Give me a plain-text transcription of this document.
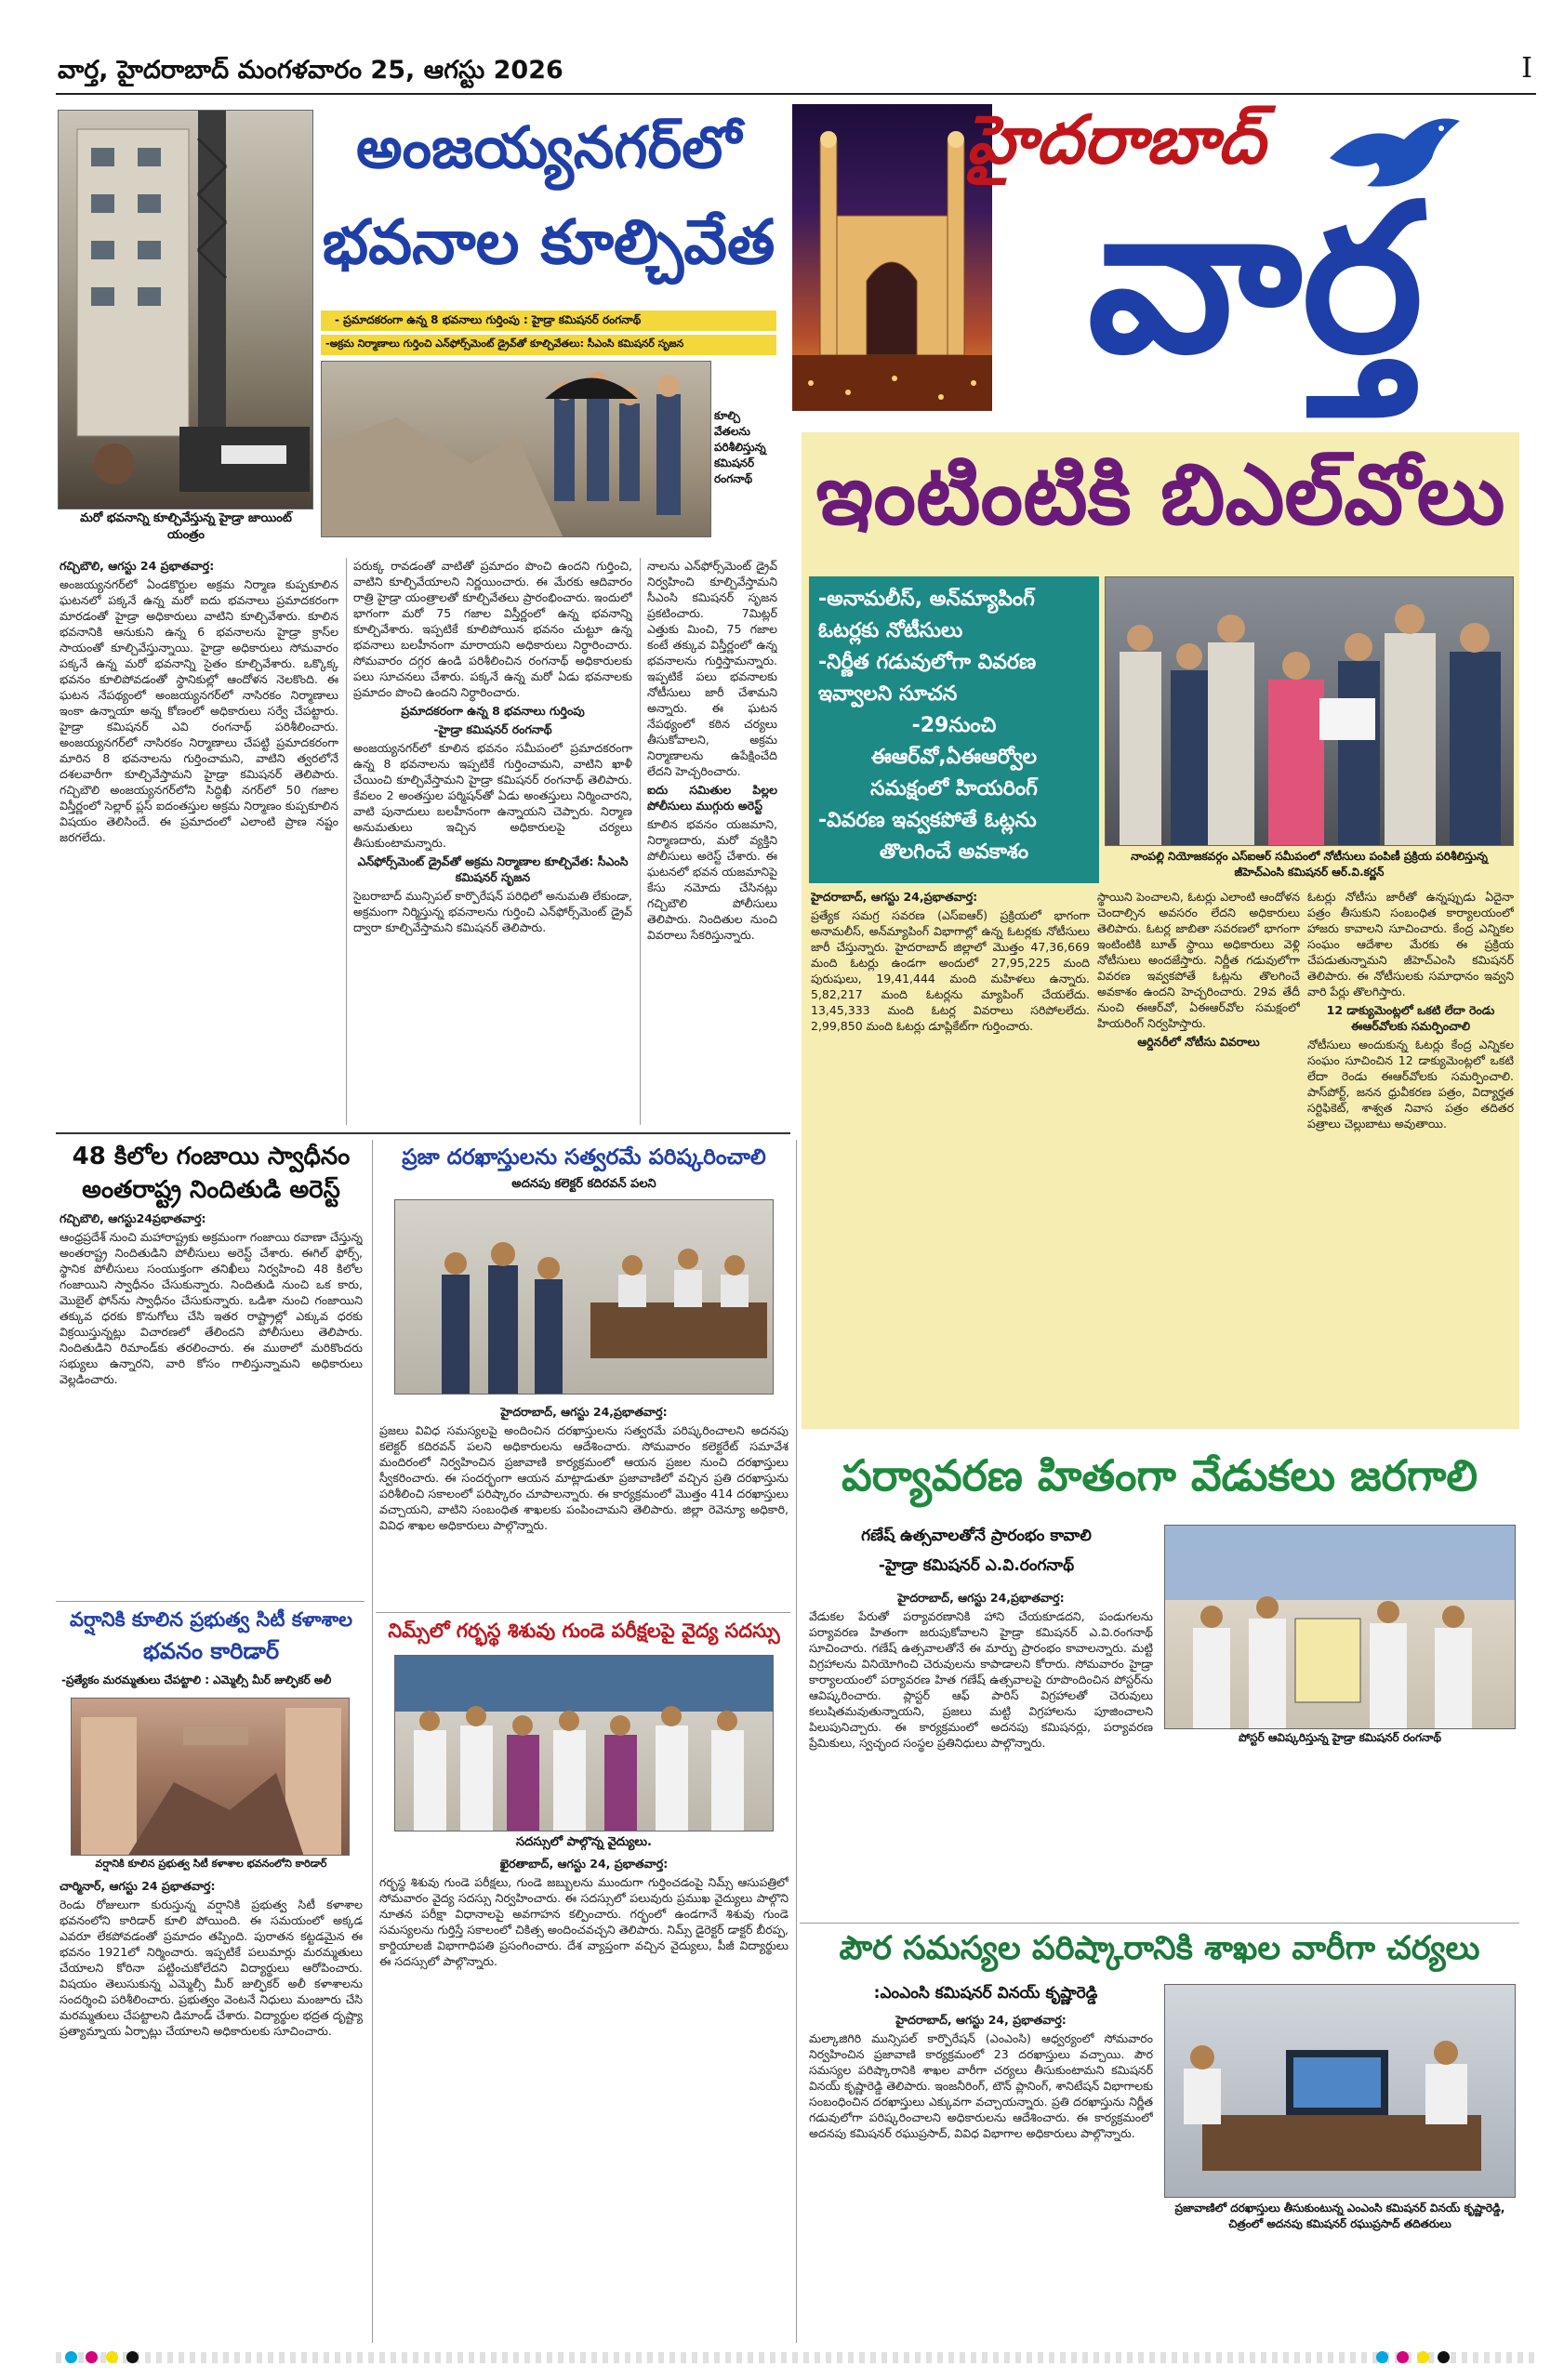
వార్త, హైదరాబాద్ మంగళవారం 25, ఆగస్టు 2026	I
మరో భవనాన్ని కూల్చివేస్తున్న హైడ్రా జాయింట్ యంత్రం
అంజయ్యనగర్‌లో
భవనాల కూల్చివేత
- ప్రమాదకరంగా ఉన్న 8 భవనాలు గుర్తింపు : హైడ్రా కమిషనర్ రంగనాథ్
-అక్రమ నిర్మాణాలు గుర్తించి ఎన్‌ఫోర్స్‌మెంట్ డ్రైవ్‌తో కూల్చివేతలు: సీఎంసి కమిషనర్ సృజన
కూల్చి వేతలను పరిశీలిస్తున్న కమిషనర్ రంగనాథ్

గచ్చిబౌలి, ఆగస్టు 24 ప్రభాతవార్త:

అంజయ్యనగర్‌లో ఏండకొర్టుల అక్రమ నిర్మాణ కుప్పకూలిన ఘటనలో పక్కనే ఉన్న మరో ఐదు భవనాలు ప్రమాదకరంగా మారడంతో హైడ్రా అధికారులు వాటిని కూల్చివేశారు. కూలిన భవనానికి ఆనుకుని ఉన్న 6 భవనాలను హైడ్రా క్రాస్‌ల సాయంతో కూల్చివేస్తున్నాయి. హైడ్రా అధికారులు సోమవారం పక్కనే ఉన్న మరో భవనాన్ని సైతం కూల్చివేశారు. ఒక్కొక్క భవనం కూలిపోవడంతో స్థానికుల్లో ఆందోళన నెలకొంది. ఈ ఘటన నేపథ్యంలో అంజయ్యనగర్‌లో నాసిరకం నిర్మాణాలు ఇంకా ఉన్నాయా అన్న కోణంలో అధికారులు సర్వే చేపట్టారు. హైడ్రా కమిషనర్ ఎవి రంగనాథ్ పరిశీలించారు. అంజయ్యనగర్‌లో నాసిరకం నిర్మాణాలు చేపట్టి ప్రమాదకరంగా మారిన 8 భవనాలను గుర్తించామని, వాటిని త్వరలోనే దశలవారీగా కూల్చివేస్తామని హైడ్రా కమిషనర్ తెలిపారు. గచ్చిబౌలి అంజయ్యనగర్‌లోని సిద్ధిఖీ నగర్‌లో 50 గజాల విస్తీర్ణంలో సెల్లార్ ప్లస్ ఐదంతస్తుల అక్రమ నిర్మాణం కుప్పకూలిన విషయం తెలిసిందే. ఈ ప్రమాదంలో ఎలాంటి ప్రాణ నష్టం జరగలేదు.

పరుక్క రావడంతో వాటితో ప్రమాదం పొంచి ఉందని గుర్తించి, వాటిని కూల్చివేయాలని నిర్ణయించారు. ఈ మేరకు ఆదివారం రాత్రి హైడ్రా యంత్రాలతో కూల్చివేతలు ప్రారంభించారు. ఇందులో భాగంగా మరో 75 గజాల విస్తీర్ణంలో ఉన్న భవనాన్ని కూల్చివేశారు. ఇప్పటికే కూలిపోయిన భవనం చుట్టూ ఉన్న భవనాలు బలహీనంగా మారాయని అధికారులు నిర్ధారించారు. సోమవారం దగ్గర ఉండి పరిశీలించిన రంగనాథ్ అధికారులకు పలు సూచనలు చేశారు. పక్కనే ఉన్న మరో ఏడు భవనాలకు ప్రమాదం పొంచి ఉందని నిర్ధారించారు.

ప్రమాదకరంగా ఉన్న 8 భవనాలు గుర్తింపు

-హైడ్రా కమిషనర్ రంగనాథ్

అంజయ్యనగర్‌లో కూలిన భవనం సమీపంలో ప్రమాదకరంగా ఉన్న 8 భవనాలను ఇప్పటికే గుర్తించామని, వాటిని ఖాళీ చేయించి కూల్చివేస్తామని హైడ్రా కమిషనర్ రంగనాథ్ తెలిపారు. కేవలం 2 అంతస్తుల పర్మిషన్‌తో ఏడు అంతస్తులు నిర్మించారని, వాటి పునాదులు బలహీనంగా ఉన్నాయని చెప్పారు. నిర్మాణ అనుమతులు ఇచ్చిన అధికారులపై చర్యలు తీసుకుంటామన్నారు.

ఎన్‌ఫోర్స్‌మెంట్ డ్రైవ్‌తో అక్రమ నిర్మాణాల కూల్చివేత: సీఎంసి కమిషనర్ సృజన

సైబరాబాద్ మున్సిపల్ కార్పొరేషన్ పరిధిలో అనుమతి లేకుండా, అక్రమంగా నిర్మిస్తున్న భవనాలను గుర్తించి ఎన్‌ఫోర్స్‌మెంట్ డ్రైవ్ ద్వారా కూల్చివేస్తామని కమిషనర్ తెలిపారు.

నాలను ఎన్‌ఫోర్స్‌మెంట్ డ్రైవ్ నిర్వహించి కూల్చివేస్తామని సీఎంసి కమిషనర్ సృజన ప్రకటించారు. 7మిట్లర్ ఎత్తుకు మించి, 75 గజాల కంటే తక్కువ విస్తీర్ణంలో ఉన్న భవనాలను గుర్తిస్తామన్నారు. ఇప్పటికే పలు భవనాలకు నోటీసులు జారీ చేశామని అన్నారు. ఈ ఘటన నేపథ్యంలో కఠిన చర్యలు తీసుకోవాలని, అక్రమ నిర్మాణాలను ఉపేక్షించేది లేదని హెచ్చరించారు.

ఐదు సమితుల పిల్లల పోలీసులు ముగ్గురు అరెస్ట్

కూలిన భవనం యజమాని, నిర్మాణదారు, మరో వ్యక్తిని పోలీసులు అరెస్ట్ చేశారు. ఈ ఘటనలో భవన యజమానిపై కేసు నమోదు చేసినట్లు గచ్చిబౌలి పోలీసులు తెలిపారు. నిందితుల నుంచి వివరాలు సేకరిస్తున్నారు.

హైదరాబాద్
వార్త
ఇంటింటికి బిఎల్‌వోలు
-అనామలీస్, అన్‌మ్యాపింగ్
ఓటర్లకు నోటీసులు
-నిర్ణీత గడువులోగా వివరణ
ఇవ్వాలని సూచన
-29నుంచి
ఈఆర్‌వో,ఏఈఆర్వోల
సమక్షంలో హియరింగ్
-వివరణ ఇవ్వకపోతే ఓట్లను
తొలగించే అవకాశం	నాంపల్లి నియోజకవర్గం ఎస్ఐఆర్ సమీపంలో నోటీసులు పంపిణీ ప్రక్రియ పరిశీలిస్తున్న జీహెచ్‌ఎంసి కమిషనర్ ఆర్.వి.కర్ణన్

హైదరాబాద్, ఆగస్టు 24,ప్రభాతవార్త:

ప్రత్యేక సమగ్ర సవరణ (ఎస్‌ఐఆర్) ప్రక్రియలో భాగంగా అనామలీస్, అన్‌మ్యాపింగ్ విభాగాల్లో ఉన్న ఓటర్లకు నోటీసులు జారీ చేస్తున్నారు. హైదరాబాద్ జిల్లాలో మొత్తం 47,36,669 మంది ఓటర్లు ఉండగా అందులో 27,95,225 మంది పురుషులు, 19,41,444 మంది మహిళలు ఉన్నారు. 5,82,217 మంది ఓటర్లను మ్యాపింగ్ చేయలేదు. 13,45,333 మంది ఓటర్ల వివరాలు సరిపోలలేదు. 2,99,850 మంది ఓటర్లు డూప్లికేట్‌గా గుర్తించారు.

స్థాయిని పెంచాలని, ఓటర్లు ఎలాంటి ఆందోళన చెందాల్సిన అవసరం లేదని అధికారులు తెలిపారు. ఓటర్ల జాబితా సవరణలో భాగంగా ఇంటింటికి బూత్ స్థాయి అధికారులు వెళ్లి నోటీసులు అందజేస్తారు. నిర్ణీత గడువులోగా వివరణ ఇవ్వకపోతే ఓట్లను తొలగించే అవకాశం ఉందని హెచ్చరించారు. 29వ తేదీ నుంచి ఈఆర్‌వో, ఏఈఆర్‌వోల సమక్షంలో హియరింగ్ నిర్వహిస్తారు.

ఆర్డినరీలో నోటీసు వివరాలు

ఓటర్లు నోటీసు జారీతో ఉన్నప్పుడు ఏదైనా పత్రం తీసుకుని సంబంధిత కార్యాలయంలో హాజరు కావాలని సూచించారు. కేంద్ర ఎన్నికల సంఘం ఆదేశాల మేరకు ఈ ప్రక్రియ చేపడుతున్నామని జీహెచ్‌ఎంసి కమిషనర్ తెలిపారు. ఈ నోటీసులకు సమాధానం ఇవ్వని వారి పేర్లు తొలగిస్తారు.

12 డాక్యుమెంట్లలో ఒకటి లేదా రెండు ఈఆర్‌వోలకు సమర్పించాలి

నోటీసులు అందుకున్న ఓటర్లు కేంద్ర ఎన్నికల సంఘం సూచించిన 12 డాక్యుమెంట్లలో ఒకటి లేదా రెండు ఈఆర్‌వోలకు సమర్పించాలి. పాస్‌పోర్ట్, జనన ధ్రువీకరణ పత్రం, విద్యార్హత సర్టిఫికెట్, శాశ్వత నివాస పత్రం తదితర పత్రాలు చెల్లుబాటు అవుతాయి.

48 కిలోల గంజాయి స్వాధీనం అంతరాష్ట్ర నిందితుడి అరెస్ట్

గచ్చిబౌలి, ఆగస్టు24ప్రభాతవార్త:

ఆంధ్రప్రదేశ్ నుంచి మహారాష్ట్రకు అక్రమంగా గంజాయి రవాణా చేస్తున్న అంతరాష్ట్ర నిందితుడిని పోలీసులు అరెస్ట్ చేశారు. ఈగిల్ ఫోర్స్, స్థానిక పోలీసులు సంయుక్తంగా తనిఖీలు నిర్వహించి 48 కిలోల గంజాయిని స్వాధీనం చేసుకున్నారు. నిందితుడి నుంచి ఒక కారు, మొబైల్ ఫోన్‌ను స్వాధీనం చేసుకున్నారు. ఒడిశా నుంచి గంజాయిని తక్కువ ధరకు కొనుగోలు చేసి ఇతర రాష్ట్రాల్లో ఎక్కువ ధరకు విక్రయిస్తున్నట్లు విచారణలో తేలిందని పోలీసులు తెలిపారు. నిందితుడిని రిమాండ్‌కు తరలించారు. ఈ ముఠాలో మరికొందరు సభ్యులు ఉన్నారని, వారి కోసం గాలిస్తున్నామని అధికారులు వెల్లడించారు.

వర్షానికి కూలిన ప్రభుత్వ సిటీ కళాశాల
భవనం కారిడార్
-ప్రత్యేకం మరమ్మతులు చేపట్టాలి : ఎమ్మెల్సీ మీర్ జుల్ఫికర్ అలీ
వర్షానికి కూలిన ప్రభుత్వ సిటీ కళాశాల భవనంలోని కారిడార్

చార్మినార్, ఆగస్టు 24 ప్రభాతవార్త:

రెండు రోజులుగా కురుస్తున్న వర్షానికి ప్రభుత్వ సిటీ కళాశాల భవనంలోని కారిడార్ కూలి పోయింది. ఈ సమయంలో అక్కడ ఎవరూ లేకపోవడంతో ప్రమాదం తప్పింది. పురాతన కట్టడమైన ఈ భవనం 1921లో నిర్మించారు. ఇప్పటికే పలుమార్లు మరమ్మతులు చేయాలని కోరినా పట్టించుకోలేదని విద్యార్థులు ఆరోపించారు. విషయం తెలుసుకున్న ఎమ్మెల్సీ మీర్ జుల్ఫికర్ అలీ కళాశాలను సందర్శించి పరిశీలించారు. ప్రభుత్వం వెంటనే నిధులు మంజూరు చేసి మరమ్మతులు చేపట్టాలని డిమాండ్ చేశారు. విద్యార్థుల భద్రత దృష్ట్యా ప్రత్యామ్నాయ ఏర్పాట్లు చేయాలని అధికారులకు సూచించారు.

ప్రజా దరఖాస్తులను సత్వరమే పరిష్కరించాలి
అదనపు కలెక్టర్ కదిరవన్ పలని

హైదరాబాద్, ఆగస్టు 24,ప్రభాతవార్త:

ప్రజలు వివిధ సమస్యలపై అందించిన దరఖాస్తులను సత్వరమే పరిష్కరించాలని అదనపు కలెక్టర్ కదిరవన్ పలని అధికారులను ఆదేశించారు. సోమవారం కలెక్టరేట్ సమావేశ మందిరంలో నిర్వహించిన ప్రజావాణి కార్యక్రమంలో ఆయన ప్రజల నుంచి దరఖాస్తులు స్వీకరించారు. ఈ సందర్భంగా ఆయన మాట్లాడుతూ ప్రజావాణిలో వచ్చిన ప్రతి దరఖాస్తును పరిశీలించి సకాలంలో పరిష్కారం చూపాలన్నారు. ఈ కార్యక్రమంలో మొత్తం 414 దరఖాస్తులు వచ్చాయని, వాటిని సంబంధిత శాఖలకు పంపించామని తెలిపారు. జిల్లా రెవెన్యూ అధికారి, వివిధ శాఖల అధికారులు పాల్గొన్నారు.

నిమ్స్‌లో గర్భస్థ శిశువు గుండె పరీక్షలపై వైద్య సదస్సు
సదస్సులో పాల్గొన్న వైద్యులు.

ఖైరతాబాద్, ఆగస్టు 24, ప్రభాతవార్త:

గర్భస్థ శిశువు గుండె పరీక్షలు, గుండె జబ్బులను ముందుగా గుర్తించడంపై నిమ్స్ ఆసుపత్రిలో సోమవారం వైద్య సదస్సు నిర్వహించారు. ఈ సదస్సులో పలువురు ప్రముఖ వైద్యులు పాల్గొని నూతన పరీక్షా విధానాలపై అవగాహన కల్పించారు. గర్భంలో ఉండగానే శిశువు గుండె సమస్యలను గుర్తిస్తే సకాలంలో చికిత్స అందించవచ్చని తెలిపారు. నిమ్స్ డైరెక్టర్ డాక్టర్ బీరప్ప, కార్డియాలజీ విభాగాధిపతి ప్రసంగించారు. దేశ వ్యాప్తంగా వచ్చిన వైద్యులు, పీజీ విద్యార్థులు ఈ సదస్సులో పాల్గొన్నారు.

పర్యావరణ హితంగా వేడుకలు జరగాలి
గణేష్ ఉత్సవాలతోనే ప్రారంభం కావాలి
-హైడ్రా కమిషనర్ ఎ.వి.రంగనాథ్

హైదరాబాద్, ఆగస్టు 24,ప్రభాతవార్త:

వేడుకల పేరుతో పర్యావరణానికి హాని చేయకూడదని, పండుగలను పర్యావరణ హితంగా జరుపుకోవాలని హైడ్రా కమిషనర్ ఎ.వి.రంగనాథ్ సూచించారు. గణేష్ ఉత్సవాలతోనే ఈ మార్పు ప్రారంభం కావాలన్నారు. మట్టి విగ్రహాలను వినియోగించి చెరువులను కాపాడాలని కోరారు. సోమవారం హైడ్రా కార్యాలయంలో పర్యావరణ హిత గణేష్ ఉత్సవాలపై రూపొందించిన పోస్టర్‌ను ఆవిష్కరించారు. ప్లాస్టర్ ఆఫ్ పారిస్ విగ్రహాలతో చెరువులు కలుషితమవుతున్నాయని, ప్రజలు మట్టి విగ్రహాలను పూజించాలని పిలుపునిచ్చారు. ఈ కార్యక్రమంలో అదనపు కమిషనర్లు, పర్యావరణ ప్రేమికులు, స్వచ్ఛంద సంస్థల ప్రతినిధులు పాల్గొన్నారు.	పోస్టర్ ఆవిష్కరిస్తున్న హైడ్రా కమిషనర్ రంగనాథ్

పౌర సమస్యల పరిష్కారానికి శాఖల వారీగా చర్యలు
:ఎంఎంసి కమిషనర్ వినయ్ కృష్ణారెడ్డి

హైదరాబాద్, ఆగస్టు 24, ప్రభాతవార్త:

మల్కాజిగిరి మున్సిపల్ కార్పొరేషన్ (ఎంఎంసి) ఆధ్వర్యంలో సోమవారం నిర్వహించిన ప్రజావాణి కార్యక్రమంలో 23 దరఖాస్తులు వచ్చాయి. పౌర సమస్యల పరిష్కారానికి శాఖల వారీగా చర్యలు తీసుకుంటామని కమిషనర్ వినయ్ కృష్ణారెడ్డి తెలిపారు. ఇంజనీరింగ్, టౌన్ ప్లానింగ్, శానిటేషన్ విభాగాలకు సంబంధించిన దరఖాస్తులు ఎక్కువగా వచ్చాయన్నారు. ప్రతి దరఖాస్తును నిర్ణీత గడువులోగా పరిష్కరించాలని అధికారులను ఆదేశించారు. ఈ కార్యక్రమంలో అదనపు కమిషనర్ రఘుప్రసాద్, వివిధ విభాగాల అధికారులు పాల్గొన్నారు.

ప్రజావాణిలో దరఖాస్తులు తీసుకుంటున్న ఎంఎంసి కమిషనర్ వినయ్ కృష్ణారెడ్డి, చిత్రంలో అదనపు కమిషనర్ రఘుప్రసాద్ తదితరులు
